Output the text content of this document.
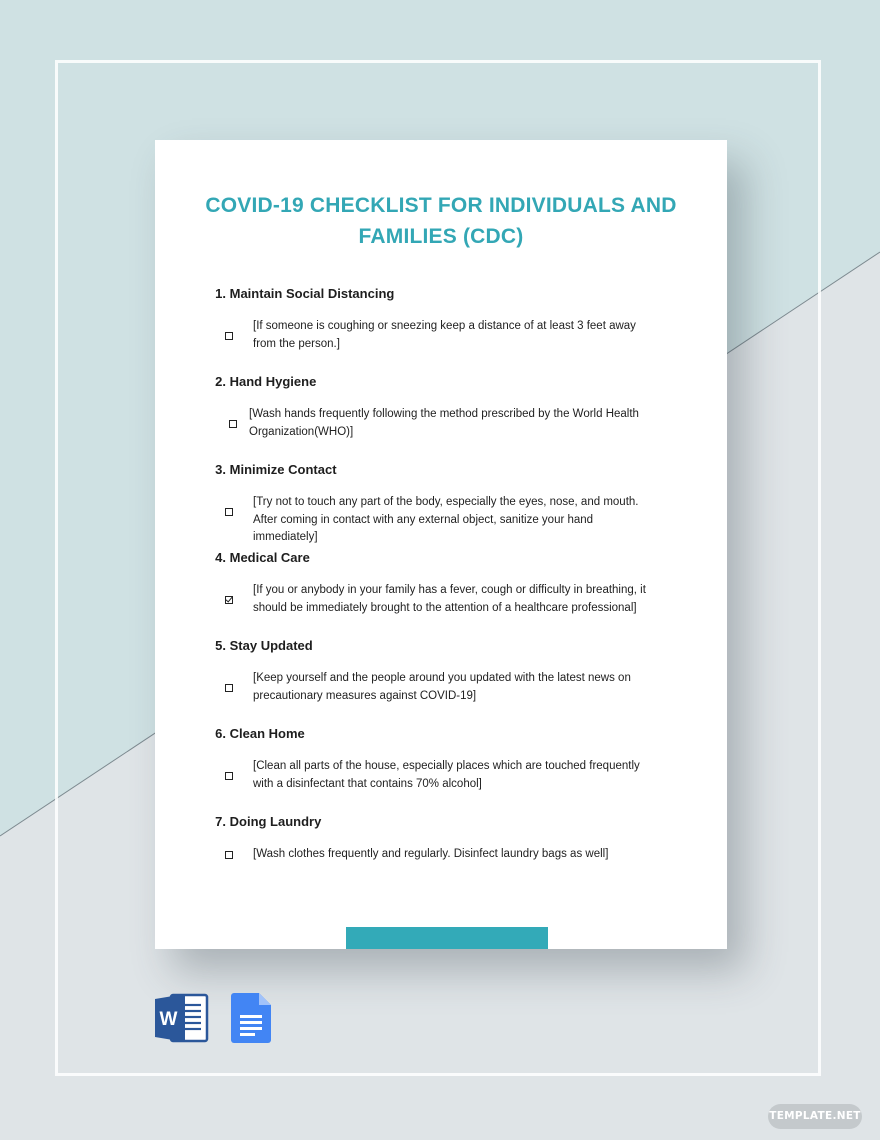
COVID-19 CHECKLIST FOR INDIVIDUALS AND FAMILIES (CDC)
1. Maintain Social Distancing
[If someone is coughing or sneezing keep a distance of at least 3 feet away from the person.]
2. Hand Hygiene
[Wash hands frequently following the method prescribed by the World Health Organization(WHO)]
3. Minimize Contact
[Try not to touch any part of the body, especially the eyes, nose, and mouth. After coming in contact with any external object, sanitize your hand immediately]
4. Medical Care
[If you or anybody in your family has a fever, cough or difficulty in breathing, it should be immediately brought to the attention of a healthcare professional]
5. Stay Updated
[Keep yourself and the people around you updated with the latest news on precautionary measures against COVID-19]
6. Clean Home
[Clean all parts of the house, especially places which are touched frequently with a disinfectant that contains 70% alcohol]
7. Doing Laundry
[Wash clothes frequently and regularly. Disinfect laundry bags as well]
W
TEMPLATE.NET
